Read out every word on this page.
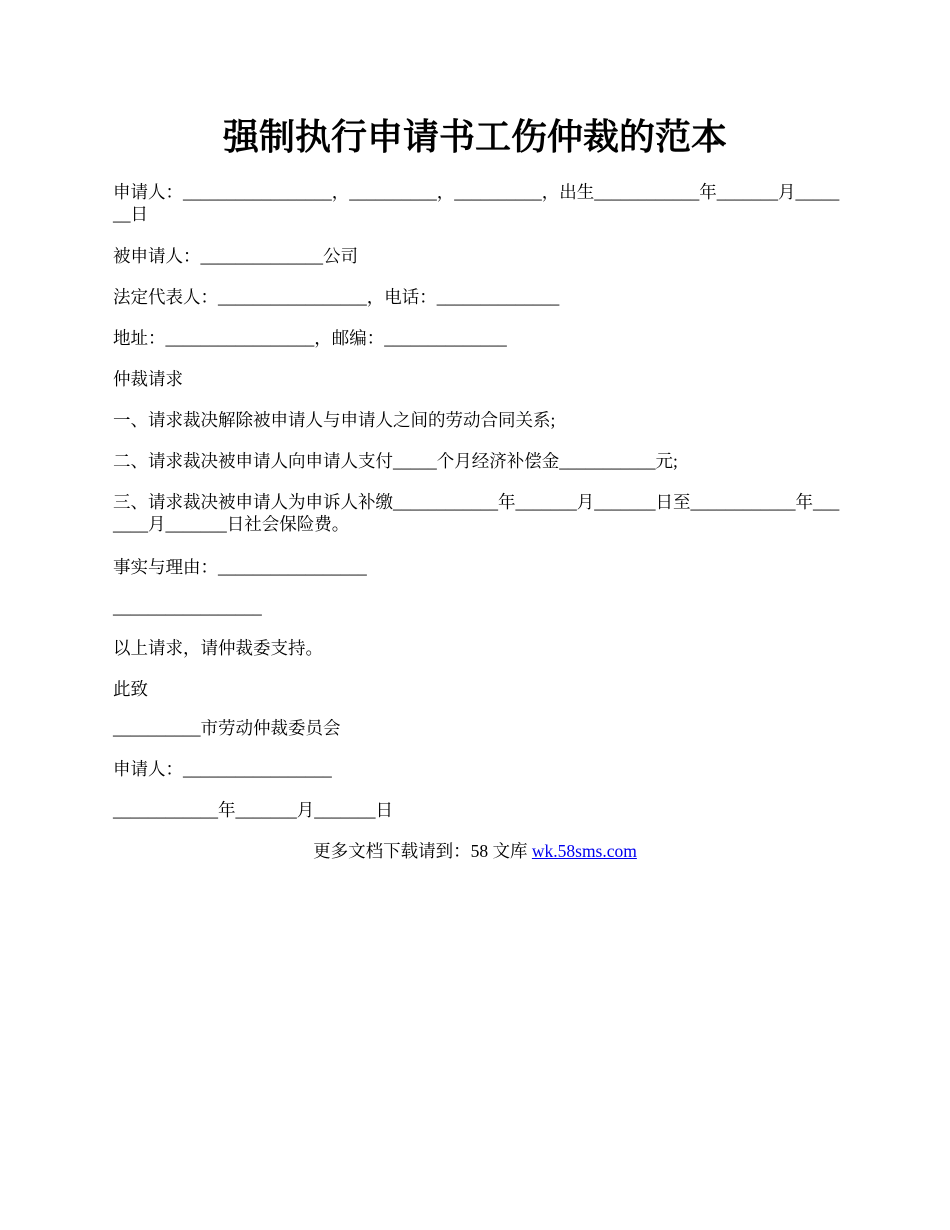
强制执行申请书工伤仲裁的范本
申请人：_________________，__________，__________，出生____________年_______月_______日
被申请人：______________公司
法定代表人：_________________，电话：______________
地址：_________________，邮编：______________
仲裁请求
一、请求裁决解除被申请人与申请人之间的劳动合同关系;
二、请求裁决被申请人向申请人支付_____个月经济补偿金___________元;
三、请求裁决被申请人为申诉人补缴____________年_______月_______日至____________年_______月_______日社会保险费。
事实与理由：_________________
_________________
以上请求，请仲裁委支持。
此致
__________市劳动仲裁委员会
申请人：_________________
____________年_______月_______日
更多文档下载请到：58 文库 wk.58sms.com
